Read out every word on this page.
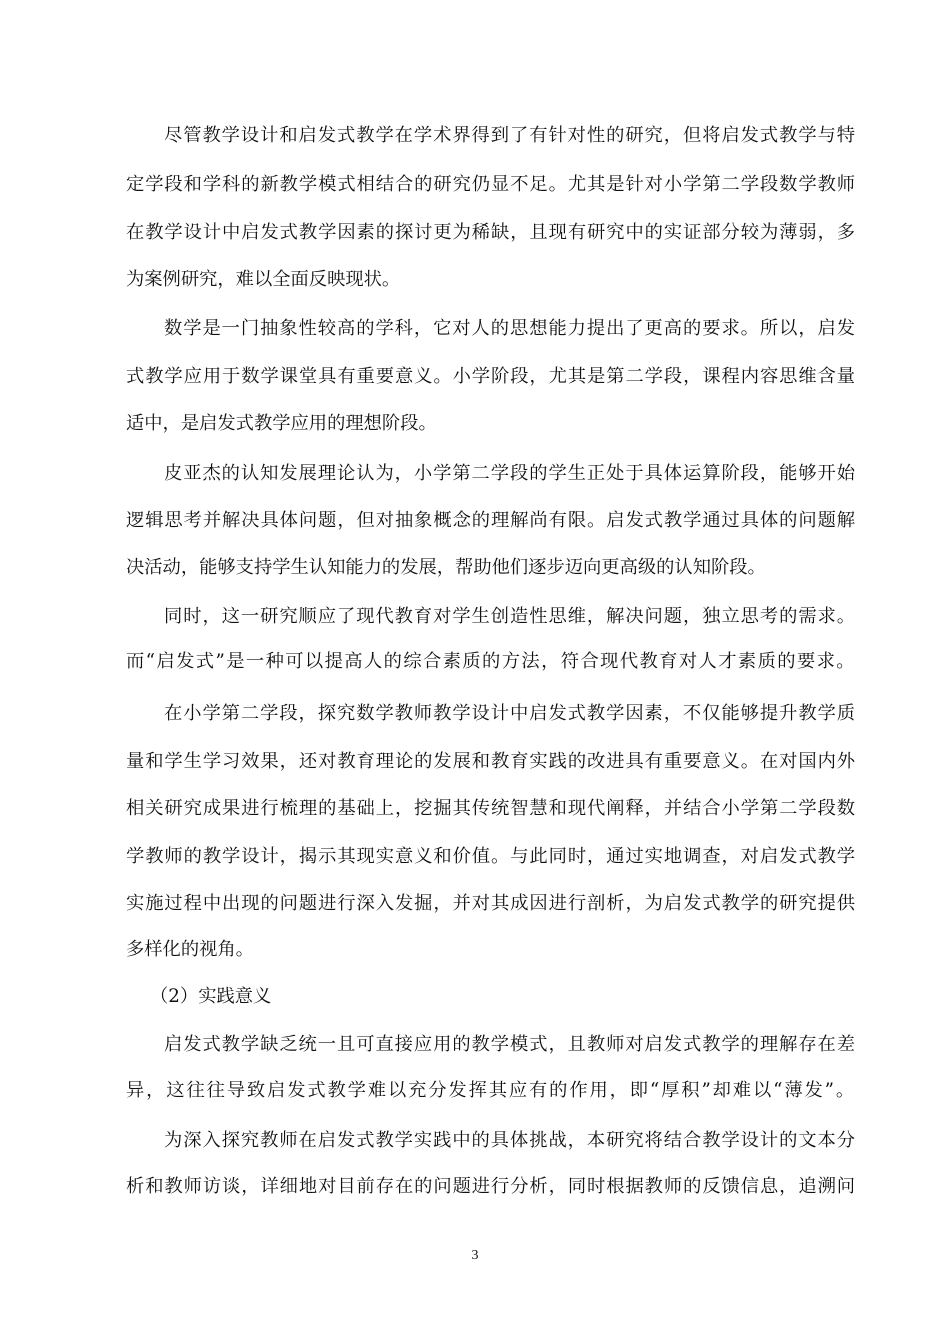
尽管教学设计和启发式教学在学术界得到了有针对性的研究，但将启发式教学与特
定学段和学科的新教学模式相结合的研究仍显不足。尤其是针对小学第二学段数学教师
在教学设计中启发式教学因素的探讨更为稀缺，且现有研究中的实证部分较为薄弱，多
为案例研究，难以全面反映现状。
数学是一门抽象性较高的学科，它对人的思想能力提出了更高的要求。所以，启发
式教学应用于数学课堂具有重要意义。小学阶段，尤其是第二学段，课程内容思维含量
适中，是启发式教学应用的理想阶段。
皮亚杰的认知发展理论认为，小学第二学段的学生正处于具体运算阶段，能够开始
逻辑思考并解决具体问题，但对抽象概念的理解尚有限。启发式教学通过具体的问题解
决活动，能够支持学生认知能力的发展，帮助他们逐步迈向更高级的认知阶段。
同时，这一研究顺应了现代教育对学生创造性思维，解决问题，独立思考的需求。
而“启发式”是一种可以提高人的综合素质的方法，符合现代教育对人才素质的要求。
在小学第二学段，探究数学教师教学设计中启发式教学因素，不仅能够提升教学质
量和学生学习效果，还对教育理论的发展和教育实践的改进具有重要意义。在对国内外
相关研究成果进行梳理的基础上，挖掘其传统智慧和现代阐释，并结合小学第二学段数
学教师的教学设计，揭示其现实意义和价值。与此同时，通过实地调查，对启发式教学
实施过程中出现的问题进行深入发掘，并对其成因进行剖析，为启发式教学的研究提供
多样化的视角。
（2）实践意义
启发式教学缺乏统一且可直接应用的教学模式，且教师对启发式教学的理解存在差
异，这往往导致启发式教学难以充分发挥其应有的作用，即“厚积”却难以“薄发”。
为深入探究教师在启发式教学实践中的具体挑战，本研究将结合教学设计的文本分
析和教师访谈，详细地对目前存在的问题进行分析，同时根据教师的反馈信息，追溯问
3
